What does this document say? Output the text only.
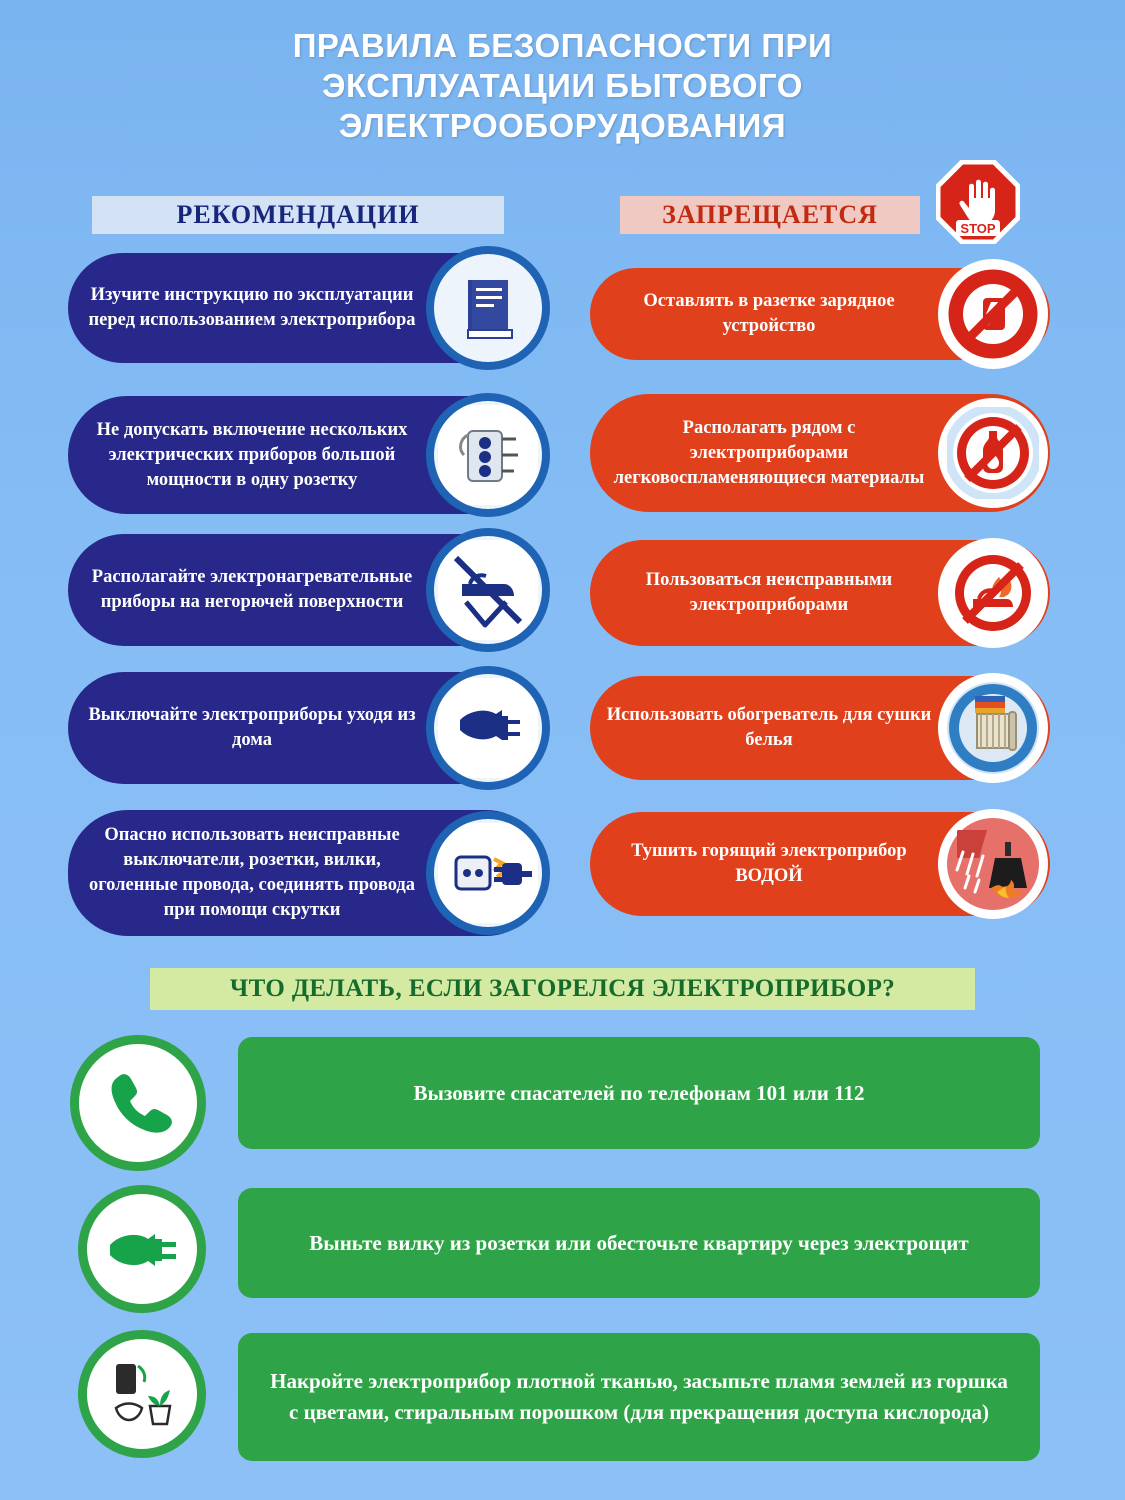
ПРАВИЛА БЕЗОПАСНОСТИ ПРИ
ЭКСПЛУАТАЦИИ БЫТОВОГО
ЭЛЕКТРООБОРУДОВАНИЯ
РЕКОМЕНДАЦИИ	ЗАПРЕЩАЕТСЯ	STOP
Изучите инструкцию по эксплуатации перед использованием электроприбора
Не допускать включение нескольких электрических приборов большой мощности в одну розетку
Располагайте электронагревательные приборы на негорючей поверхности
Выключайте электроприборы уходя из дома
Опасно использовать неисправные выключатели, розетки, вилки, оголенные провода, соединять провода при помощи скрутки
Оставлять в разетке зарядное устройство
Располагать рядом с электроприборами легковоспламеняющиеся материалы
Пользоваться неисправными электроприборами
Использовать обогреватель для сушки белья
Тушить горящий электроприбор ВОДОЙ
ЧТО ДЕЛАТЬ, ЕСЛИ ЗАГОРЕЛСЯ ЭЛЕКТРОПРИБОР?
Вызовите спасателей по телефонам 101 или 112
Выньте вилку из розетки или обесточьте квартиру через электрощит
Накройте электроприбор плотной тканью, засыпьте пламя землей из горшка с цветами, стиральным порошком (для прекращения доступа кислорода)
